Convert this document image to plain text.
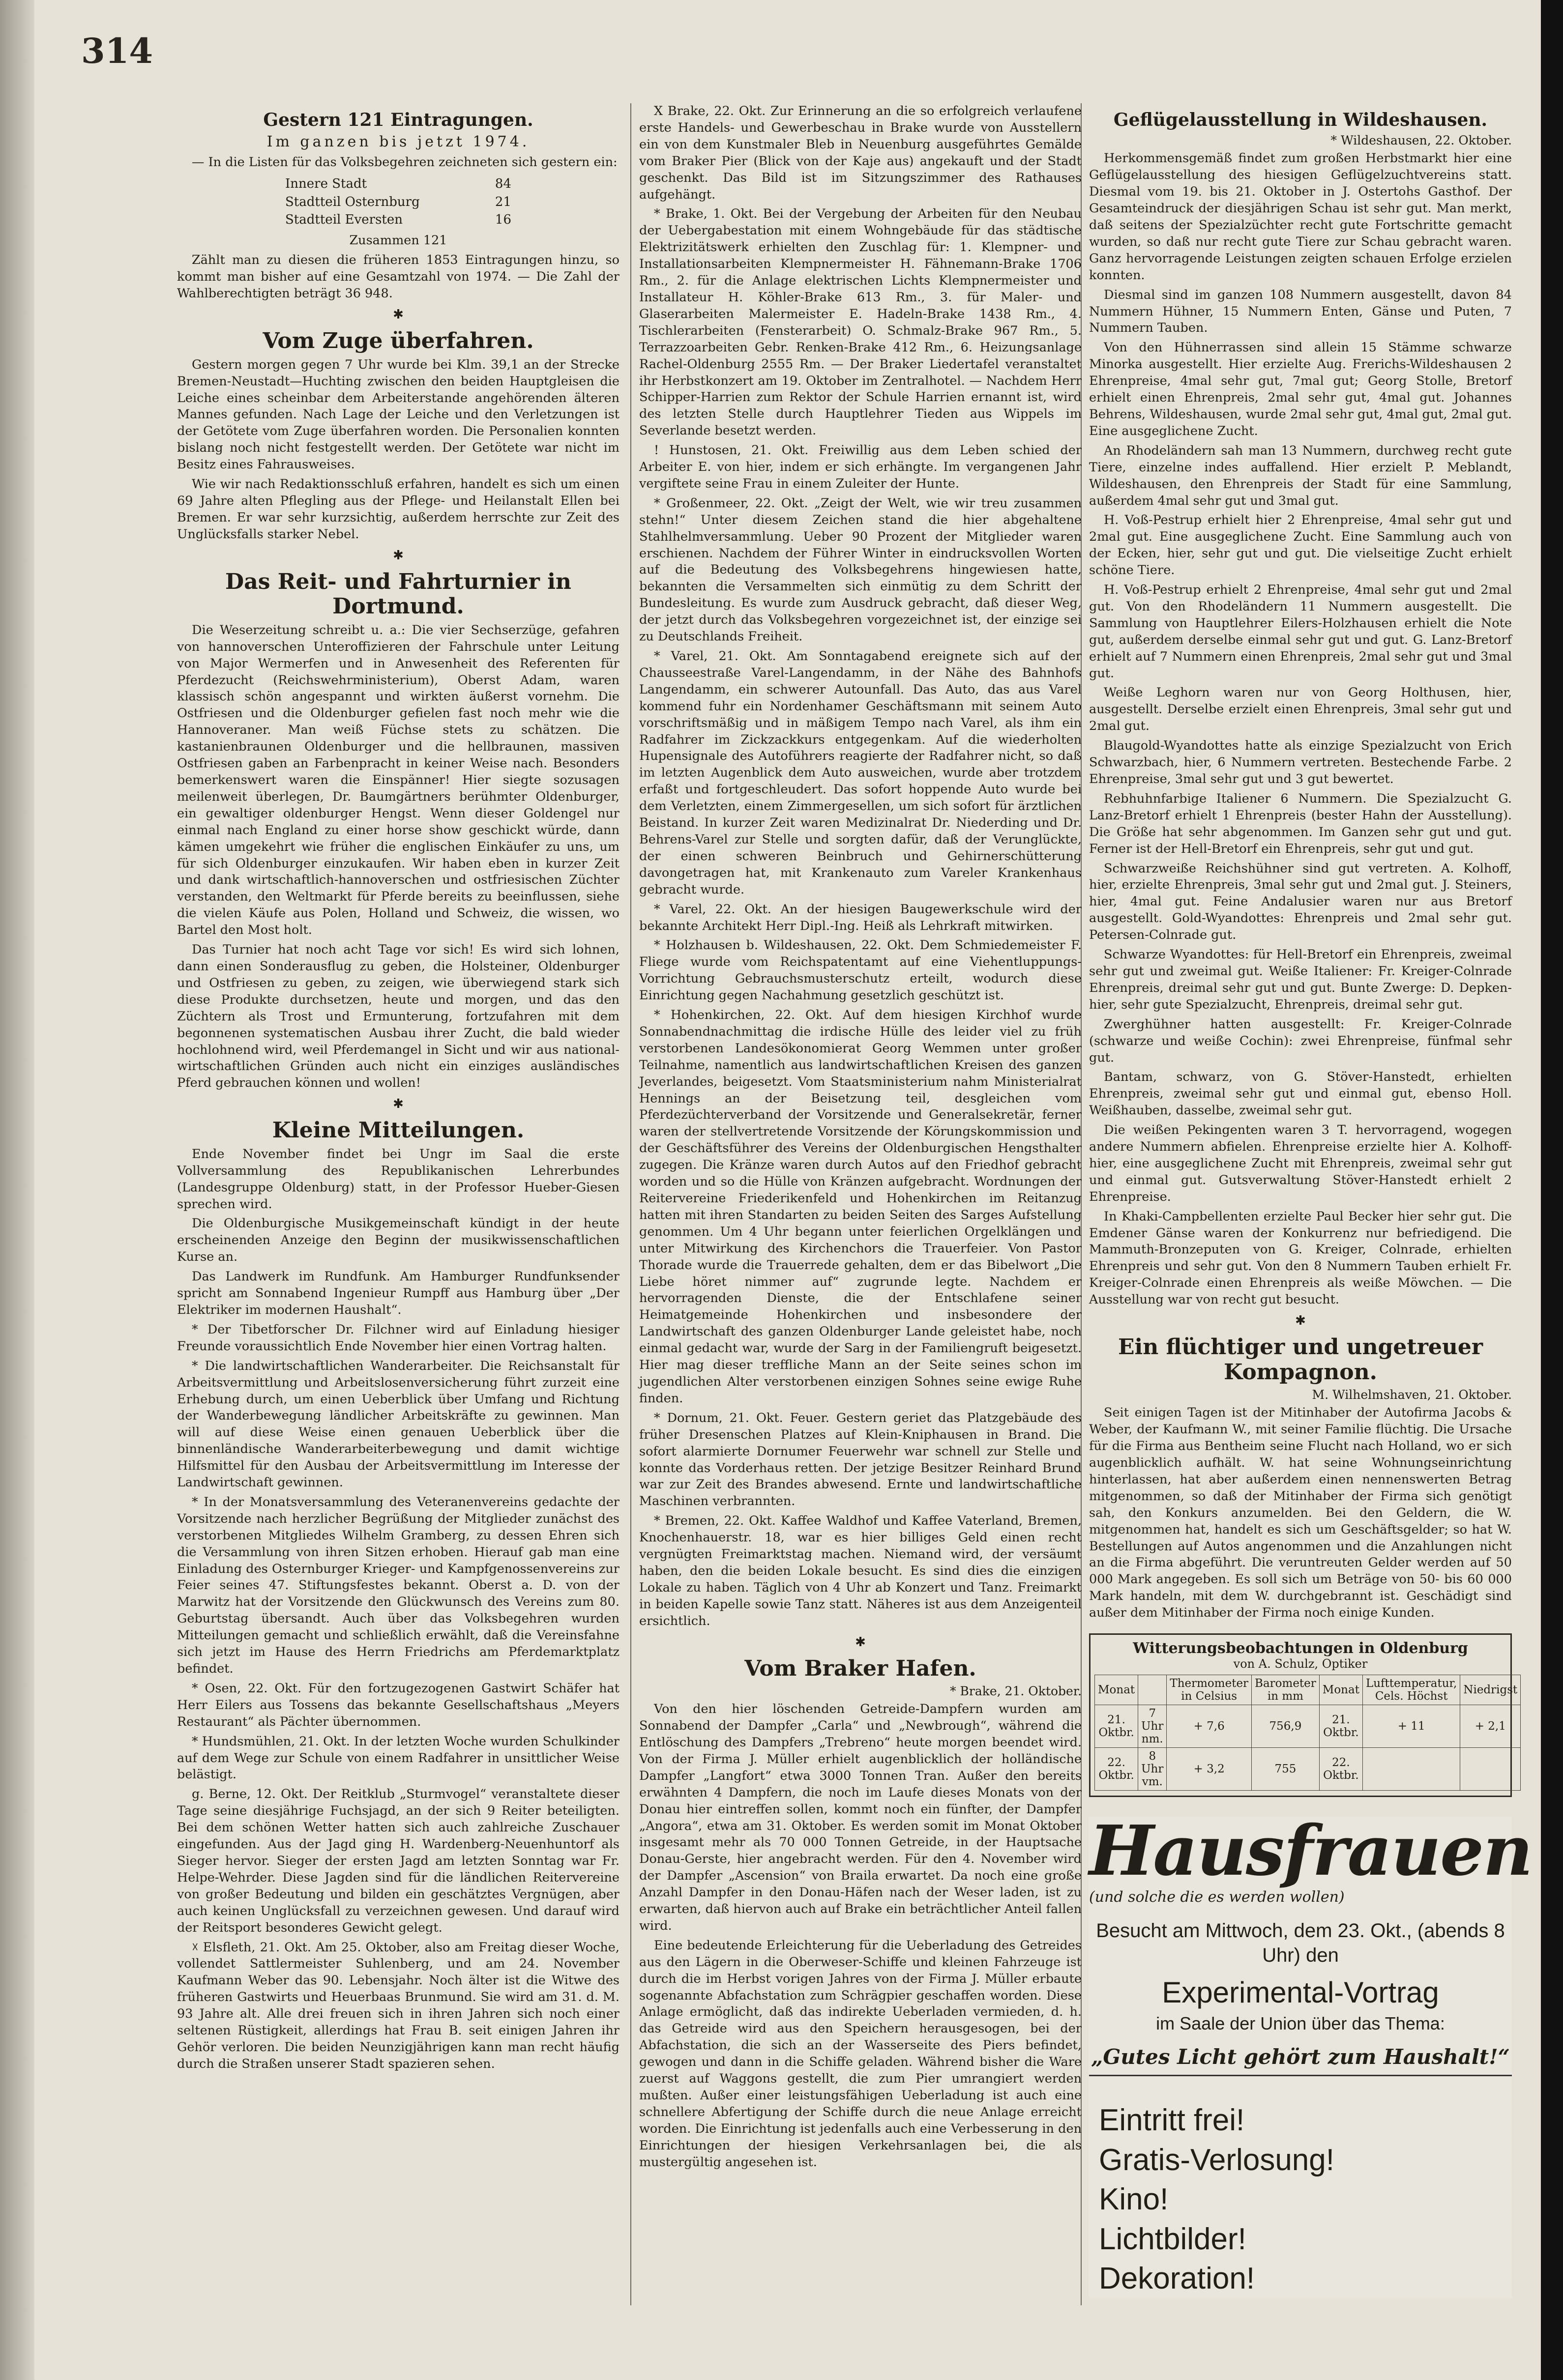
314
Gestern 121 Eintragungen.
Im ganzen bis jetzt 1974.

— In die Listen für das Volksbegehren zeichneten sich gestern ein:

Innere Stadt	84
Stadtteil Osternburg	21
Stadtteil Eversten	16

Zusammen 121

Zählt man zu diesen die früheren 1853 Eintragungen hinzu, so kommt man bisher auf eine Gesamtzahl von 1974. — Die Zahl der Wahlberechtigten beträgt 36 948.

✱
Vom Zuge überfahren.

Gestern morgen gegen 7 Uhr wurde bei Klm. 39,1 an der Strecke Bremen-Neustadt—Huchting zwischen den beiden Hauptgleisen die Leiche eines scheinbar dem Arbeiterstande angehörenden älteren Mannes gefunden. Nach Lage der Leiche und den Verletzungen ist der Getötete vom Zuge überfahren worden. Die Personalien konnten bislang noch nicht festgestellt werden. Der Getötete war nicht im Besitz eines Fahrausweises.

Wie wir nach Redaktionsschluß erfahren, handelt es sich um einen 69 Jahre alten Pflegling aus der Pflege- und Heilanstalt Ellen bei Bremen. Er war sehr kurzsichtig, außerdem herrschte zur Zeit des Unglücksfalls starker Nebel.

✱
Das Reit- und Fahrturnier in Dortmund.

Die Weserzeitung schreibt u. a.: Die vier Sechserzüge, gefahren von hannoverschen Unteroffizieren der Fahrschule unter Leitung von Major Wermerfen und in Anwesenheit des Referenten für Pferdezucht (Reichswehrministerium), Oberst Adam, waren klassisch schön angespannt und wirkten äußerst vornehm. Die Ostfriesen und die Oldenburger gefielen fast noch mehr wie die Hannoveraner. Man weiß Füchse stets zu schätzen. Die kastanienbraunen Oldenburger und die hellbraunen, massiven Ostfriesen gaben an Farbenpracht in keiner Weise nach. Besonders bemerkenswert waren die Einspänner! Hier siegte sozusagen meilenweit überlegen, Dr. Baumgärtners berühmter Oldenburger, ein gewaltiger oldenburger Hengst. Wenn dieser Goldengel nur einmal nach England zu einer horse show geschickt würde, dann kämen umgekehrt wie früher die englischen Einkäufer zu uns, um für sich Oldenburger einzukaufen. Wir haben eben in kurzer Zeit und dank wirtschaftlich-hannoverschen und ostfriesischen Züchter verstanden, den Weltmarkt für Pferde bereits zu beeinflussen, siehe die vielen Käufe aus Polen, Holland und Schweiz, die wissen, wo Bartel den Most holt.

Das Turnier hat noch acht Tage vor sich! Es wird sich lohnen, dann einen Sonderausflug zu geben, die Holsteiner, Oldenburger und Ostfriesen zu geben, zu zeigen, wie überwiegend stark sich diese Produkte durchsetzen, heute und morgen, und das den Züchtern als Trost und Ermunterung, fortzufahren mit dem begonnenen systematischen Ausbau ihrer Zucht, die bald wieder hochlohnend wird, weil Pferdemangel in Sicht und wir aus national-wirtschaftlichen Gründen auch nicht ein einziges ausländisches Pferd gebrauchen können und wollen!

✱
Kleine Mitteilungen.

Ende November findet bei Ungr im Saal die erste Vollversammlung des Republikanischen Lehrerbundes (Landesgruppe Oldenburg) statt, in der Professor Hueber-Giesen sprechen wird.

Die Oldenburgische Musikgemeinschaft kündigt in der heute erscheinenden Anzeige den Beginn der musikwissenschaftlichen Kurse an.

Das Landwerk im Rundfunk. Am Hamburger Rundfunksender spricht am Sonnabend Ingenieur Rumpff aus Hamburg über „Der Elektriker im modernen Haushalt“.

* Der Tibetforscher Dr. Filchner wird auf Einladung hiesiger Freunde voraussichtlich Ende November hier einen Vortrag halten.

* Die landwirtschaftlichen Wanderarbeiter. Die Reichsanstalt für Arbeitsvermittlung und Arbeitslosenversicherung führt zurzeit eine Erhebung durch, um einen Ueberblick über Umfang und Richtung der Wanderbewegung ländlicher Arbeitskräfte zu gewinnen. Man will auf diese Weise einen genauen Ueberblick über die binnenländische Wanderarbeiterbewegung und damit wichtige Hilfsmittel für den Ausbau der Arbeitsvermittlung im Interesse der Landwirtschaft gewinnen.

* In der Monatsversammlung des Veteranenvereins gedachte der Vorsitzende nach herzlicher Begrüßung der Mitglieder zunächst des verstorbenen Mitgliedes Wilhelm Gramberg, zu dessen Ehren sich die Versammlung von ihren Sitzen erhoben. Hierauf gab man eine Einladung des Osternburger Krieger- und Kampfgenossenvereins zur Feier seines 47. Stiftungsfestes bekannt. Oberst a. D. von der Marwitz hat der Vorsitzende den Glückwunsch des Vereins zum 80. Geburtstag übersandt. Auch über das Volksbegehren wurden Mitteilungen gemacht und schließlich erwählt, daß die Vereinsfahne sich jetzt im Hause des Herrn Friedrichs am Pferdemarktplatz befindet.

* Osen, 22. Okt. Für den fortzugezogenen Gastwirt Schäfer hat Herr Eilers aus Tossens das bekannte Gesellschaftshaus „Meyers Restaurant“ als Pächter übernommen.

* Hundsmühlen, 21. Okt. In der letzten Woche wurden Schulkinder auf dem Wege zur Schule von einem Radfahrer in unsittlicher Weise belästigt.

g. Berne, 12. Okt. Der Reitklub „Sturmvogel“ veranstaltete dieser Tage seine diesjährige Fuchsjagd, an der sich 9 Reiter beteiligten. Bei dem schönen Wetter hatten sich auch zahlreiche Zuschauer eingefunden. Aus der Jagd ging H. Wardenberg-Neuenhuntorf als Sieger hervor. Sieger der ersten Jagd am letzten Sonntag war Fr. Helpe-Wehrder. Diese Jagden sind für die ländlichen Reitervereine von großer Bedeutung und bilden ein geschätztes Vergnügen, aber auch keinen Unglücksfall zu verzeichnen gewesen. Und darauf wird der Reitsport besonderes Gewicht gelegt.

☓ Elsfleth, 21. Okt. Am 25. Oktober, also am Freitag dieser Woche, vollendet Sattlermeister Suhlenberg, und am 24. November Kaufmann Weber das 90. Lebensjahr. Noch älter ist die Witwe des früheren Gastwirts und Heuerbaas Brunmund. Sie wird am 31. d. M. 93 Jahre alt. Alle drei freuen sich in ihren Jahren sich noch einer seltenen Rüstigkeit, allerdings hat Frau B. seit einigen Jahren ihr Gehör verloren. Die beiden Neunzigjährigen kann man recht häufig durch die Straßen unserer Stadt spazieren sehen.

X Brake, 22. Okt. Zur Erinnerung an die so erfolgreich verlaufene erste Handels- und Gewerbeschau in Brake wurde von Ausstellern ein von dem Kunstmaler Bleb in Neuenburg ausgeführtes Gemälde vom Braker Pier (Blick von der Kaje aus) angekauft und der Stadt geschenkt. Das Bild ist im Sitzungszimmer des Rathauses aufgehängt.

* Brake, 1. Okt. Bei der Vergebung der Arbeiten für den Neubau der Uebergabestation mit einem Wohngebäude für das städtische Elektrizitätswerk erhielten den Zuschlag für: 1. Klempner- und Installationsarbeiten Klempnermeister H. Fähnemann-Brake 1706 Rm., 2. für die Anlage elektrischen Lichts Klempnermeister und Installateur H. Köhler-Brake 613 Rm., 3. für Maler- und Glaserarbeiten Malermeister E. Hadeln-Brake 1438 Rm., 4. Tischlerarbeiten (Fensterarbeit) O. Schmalz-Brake 967 Rm., 5. Terrazzoarbeiten Gebr. Renken-Brake 412 Rm., 6. Heizungsanlage Rachel-Oldenburg 2555 Rm. — Der Braker Liedertafel veranstaltet ihr Herbstkonzert am 19. Oktober im Zentralhotel. — Nachdem Herr Schipper-Harrien zum Rektor der Schule Harrien ernannt ist, wird des letzten Stelle durch Hauptlehrer Tieden aus Wippels im Severlande besetzt werden.

! Hunstosen, 21. Okt. Freiwillig aus dem Leben schied der Arbeiter E. von hier, indem er sich erhängte. Im vergangenen Jahr vergiftete seine Frau in einem Zuleiter der Hunte.

* Großenmeer, 22. Okt. „Zeigt der Welt, wie wir treu zusammen stehn!“ Unter diesem Zeichen stand die hier abgehaltene Stahlhelmversammlung. Ueber 90 Prozent der Mitglieder waren erschienen. Nachdem der Führer Winter in eindrucksvollen Worten auf die Bedeutung des Volksbegehrens hingewiesen hatte, bekannten die Versammelten sich einmütig zu dem Schritt der Bundesleitung. Es wurde zum Ausdruck gebracht, daß dieser Weg, der jetzt durch das Volksbegehren vorgezeichnet ist, der einzige sei zu Deutschlands Freiheit.

* Varel, 21. Okt. Am Sonntagabend ereignete sich auf der Chausseestraße Varel-Langendamm, in der Nähe des Bahnhofs Langendamm, ein schwerer Autounfall. Das Auto, das aus Varel kommend fuhr ein Nordenhamer Geschäftsmann mit seinem Auto vorschriftsmäßig und in mäßigem Tempo nach Varel, als ihm ein Radfahrer im Zickzackkurs entgegenkam. Auf die wiederholten Hupensignale des Autoführers reagierte der Radfahrer nicht, so daß im letzten Augenblick dem Auto ausweichen, wurde aber trotzdem erfaßt und fortgeschleudert. Das sofort hoppende Auto wurde bei dem Verletzten, einem Zimmergesellen, um sich sofort für ärztlichen Beistand. In kurzer Zeit waren Medizinalrat Dr. Niederding und Dr. Behrens-Varel zur Stelle und sorgten dafür, daß der Verunglückte, der einen schweren Beinbruch und Gehirnerschütterung davongetragen hat, mit Krankenauto zum Vareler Krankenhaus gebracht wurde.

* Varel, 22. Okt. An der hiesigen Baugewerkschule wird der bekannte Architekt Herr Dipl.-Ing. Heiß als Lehrkraft mitwirken.

* Holzhausen b. Wildeshausen, 22. Okt. Dem Schmiedemeister F. Fliege wurde vom Reichspatentamt auf eine Viehentluppungs-Vorrichtung Gebrauchsmusterschutz erteilt, wodurch diese Einrichtung gegen Nachahmung gesetzlich geschützt ist.

* Hohenkirchen, 22. Okt. Auf dem hiesigen Kirchhof wurde Sonnabendnachmittag die irdische Hülle des leider viel zu früh verstorbenen Landesökonomierat Georg Wemmen unter großer Teilnahme, namentlich aus landwirtschaftlichen Kreisen des ganzen Jeverlandes, beigesetzt. Vom Staatsministerium nahm Ministerialrat Hennings an der Beisetzung teil, desgleichen vom Pferdezüchterverband der Vorsitzende und Generalsekretär, ferner waren der stellvertretende Vorsitzende der Körungskommission und der Geschäftsführer des Vereins der Oldenburgischen Hengsthalter zugegen. Die Kränze waren durch Autos auf den Friedhof gebracht worden und so die Hülle von Kränzen aufgebracht. Wordnungen der Reitervereine Friederikenfeld und Hohenkirchen im Reitanzug hatten mit ihren Standarten zu beiden Seiten des Sarges Aufstellung genommen. Um 4 Uhr begann unter feierlichen Orgelklängen und unter Mitwirkung des Kirchenchors die Trauerfeier. Von Pastor Thorade wurde die Trauerrede gehalten, dem er das Bibelwort „Die Liebe höret nimmer auf“ zugrunde legte. Nachdem er hervorragenden Dienste, die der Entschlafene seiner Heimatgemeinde Hohenkirchen und insbesondere der Landwirtschaft des ganzen Oldenburger Lande geleistet habe, noch einmal gedacht war, wurde der Sarg in der Familiengruft beigesetzt. Hier mag dieser treffliche Mann an der Seite seines schon im jugendlichen Alter verstorbenen einzigen Sohnes seine ewige Ruhe finden.

* Dornum, 21. Okt. Feuer. Gestern geriet das Platzgebäude des früher Dresenschen Platzes auf Klein-Kniphausen in Brand. Die sofort alarmierte Dornumer Feuerwehr war schnell zur Stelle und konnte das Vorderhaus retten. Der jetzige Besitzer Reinhard Brund war zur Zeit des Brandes abwesend. Ernte und landwirtschaftliche Maschinen verbrannten.

* Bremen, 22. Okt. Kaffee Waldhof und Kaffee Vaterland, Bremen, Knochenhauerstr. 18, war es hier billiges Geld einen recht vergnügten Freimarktstag machen. Niemand wird, der versäumt haben, den die beiden Lokale besucht. Es sind dies die einzigen Lokale zu haben. Täglich von 4 Uhr ab Konzert und Tanz. Freimarkt in beiden Kapelle sowie Tanz statt. Näheres ist aus dem Anzeigenteil ersichtlich.

✱
Vom Braker Hafen.
* Brake, 21. Oktober.

Von den hier löschenden Getreide-Dampfern wurden am Sonnabend der Dampfer „Carla“ und „Newbrough“, während die Entlöschung des Dampfers „Trebreno“ heute morgen beendet wird. Von der Firma J. Müller erhielt augenblicklich der holländische Dampfer „Langfort“ etwa 3000 Tonnen Tran. Außer den bereits erwähnten 4 Dampfern, die noch im Laufe dieses Monats von der Donau hier eintreffen sollen, kommt noch ein fünfter, der Dampfer „Angora“, etwa am 31. Oktober. Es werden somit im Monat Oktober insgesamt mehr als 70 000 Tonnen Getreide, in der Hauptsache Donau-Gerste, hier angebracht werden. Für den 4. November wird der Dampfer „Ascension“ von Braila erwartet. Da noch eine große Anzahl Dampfer in den Donau-Häfen nach der Weser laden, ist zu erwarten, daß hiervon auch auf Brake ein beträchtlicher Anteil fallen wird.

Eine bedeutende Erleichterung für die Ueberladung des Getreides aus den Lägern in die Oberweser-Schiffe und kleinen Fahrzeuge ist durch die im Herbst vorigen Jahres von der Firma J. Müller erbaute sogenannte Abfachstation zum Schrägpier geschaffen worden. Diese Anlage ermöglicht, daß das indirekte Ueberladen vermieden, d. h. das Getreide wird aus den Speichern herausgesogen, bei der Abfachstation, die sich an der Wasserseite des Piers befindet, gewogen und dann in die Schiffe geladen. Während bisher die Ware zuerst auf Waggons gestellt, die zum Pier umrangiert werden mußten. Außer einer leistungsfähigen Ueberladung ist auch eine schnellere Abfertigung der Schiffe durch die neue Anlage erreicht worden. Die Einrichtung ist jedenfalls auch eine Verbesserung in den Einrichtungen der hiesigen Verkehrsanlagen bei, die als mustergültig angesehen ist.

Geflügelausstellung in Wildeshausen.
* Wildeshausen, 22. Oktober.

Herkommensgemäß findet zum großen Herbstmarkt hier eine Geflügelausstellung des hiesigen Geflügelzuchtvereins statt. Diesmal vom 19. bis 21. Oktober in J. Ostertohs Gasthof. Der Gesamteindruck der diesjährigen Schau ist sehr gut. Man merkt, daß seitens der Spezialzüchter recht gute Fortschritte gemacht wurden, so daß nur recht gute Tiere zur Schau gebracht waren. Ganz hervorragende Leistungen zeigten schauen Erfolge erzielen konnten.

Diesmal sind im ganzen 108 Nummern ausgestellt, davon 84 Nummern Hühner, 15 Nummern Enten, Gänse und Puten, 7 Nummern Tauben.

Von den Hühnerrassen sind allein 15 Stämme schwarze Minorka ausgestellt. Hier erzielte Aug. Frerichs-Wildeshausen 2 Ehrenpreise, 4mal sehr gut, 7mal gut; Georg Stolle, Bretorf erhielt einen Ehrenpreis, 2mal sehr gut, 4mal gut. Johannes Behrens, Wildeshausen, wurde 2mal sehr gut, 4mal gut, 2mal gut. Eine ausgeglichene Zucht.

An Rhodeländern sah man 13 Nummern, durchweg recht gute Tiere, einzelne indes auffallend. Hier erzielt P. Meblandt, Wildeshausen, den Ehrenpreis der Stadt für eine Sammlung, außerdem 4mal sehr gut und 3mal gut.

H. Voß-Pestrup erhielt hier 2 Ehrenpreise, 4mal sehr gut und 2mal gut. Eine ausgeglichene Zucht. Eine Sammlung auch von der Ecken, hier, sehr gut und gut. Die vielseitige Zucht erhielt schöne Tiere.

H. Voß-Pestrup erhielt 2 Ehrenpreise, 4mal sehr gut und 2mal gut. Von den Rhodeländern 11 Nummern ausgestellt. Die Sammlung von Hauptlehrer Eilers-Holzhausen erhielt die Note gut, außerdem derselbe einmal sehr gut und gut. G. Lanz-Bretorf erhielt auf 7 Nummern einen Ehrenpreis, 2mal sehr gut und 3mal gut.

Weiße Leghorn waren nur von Georg Holthusen, hier, ausgestellt. Derselbe erzielt einen Ehrenpreis, 3mal sehr gut und 2mal gut.

Blaugold-Wyandottes hatte als einzige Spezialzucht von Erich Schwarzbach, hier, 6 Nummern vertreten. Bestechende Farbe. 2 Ehrenpreise, 3mal sehr gut und 3 gut bewertet.

Rebhuhnfarbige Italiener 6 Nummern. Die Spezialzucht G. Lanz-Bretorf erhielt 1 Ehrenpreis (bester Hahn der Ausstellung). Die Größe hat sehr abgenommen. Im Ganzen sehr gut und gut. Ferner ist der Hell-Bretorf ein Ehrenpreis, sehr gut und gut.

Schwarzweiße Reichshühner sind gut vertreten. A. Kolhoff, hier, erzielte Ehrenpreis, 3mal sehr gut und 2mal gut. J. Steiners, hier, 4mal gut. Feine Andalusier waren nur aus Bretorf ausgestellt. Gold-Wyandottes: Ehrenpreis und 2mal sehr gut. Petersen-Colnrade gut.

Schwarze Wyandottes: für Hell-Bretorf ein Ehrenpreis, zweimal sehr gut und zweimal gut. Weiße Italiener: Fr. Kreiger-Colnrade Ehrenpreis, dreimal sehr gut und gut. Bunte Zwerge: D. Depken-hier, sehr gute Spezialzucht, Ehrenpreis, dreimal sehr gut.

Zwerghühner hatten ausgestellt: Fr. Kreiger-Colnrade (schwarze und weiße Cochin): zwei Ehrenpreise, fünfmal sehr gut.

Bantam, schwarz, von G. Stöver-Hanstedt, erhielten Ehrenpreis, zweimal sehr gut und einmal gut, ebenso Holl. Weißhauben, dasselbe, zweimal sehr gut.

Die weißen Pekingenten waren 3 T. hervorragend, wogegen andere Nummern abfielen. Ehrenpreise erzielte hier A. Kolhoff-hier, eine ausgeglichene Zucht mit Ehrenpreis, zweimal sehr gut und einmal gut. Gutsverwaltung Stöver-Hanstedt erhielt 2 Ehrenpreise.

In Khaki-Campbellenten erzielte Paul Becker hier sehr gut. Die Emdener Gänse waren der Konkurrenz nur befriedigend. Die Mammuth-Bronzeputen von G. Kreiger, Colnrade, erhielten Ehrenpreis und sehr gut. Von den 8 Nummern Tauben erhielt Fr. Kreiger-Colnrade einen Ehrenpreis als weiße Möwchen. — Die Ausstellung war von recht gut besucht.

✱
Ein flüchtiger und ungetreuer Kompagnon.
M. Wilhelmshaven, 21. Oktober.

Seit einigen Tagen ist der Mitinhaber der Autofirma Jacobs & Weber, der Kaufmann W., mit seiner Familie flüchtig. Die Ursache für die Firma aus Bentheim seine Flucht nach Holland, wo er sich augenblicklich aufhält. W. hat seine Wohnungseinrichtung hinterlassen, hat aber außerdem einen nennenswerten Betrag mitgenommen, so daß der Mitinhaber der Firma sich genötigt sah, den Konkurs anzumelden. Bei den Geldern, die W. mitgenommen hat, handelt es sich um Geschäftsgelder; so hat W. Bestellungen auf Autos angenommen und die Anzahlungen nicht an die Firma abgeführt. Die veruntreuten Gelder werden auf 50 000 Mark angegeben. Es soll sich um Beträge von 50- bis 60 000 Mark handeln, mit dem W. durchgebrannt ist. Geschädigt sind außer dem Mitinhaber der Firma noch einige Kunden.

Witterungsbeobachtungen in Oldenburg
von A. Schulz, Optiker
Monat		Thermometer in Celsius	Barometer in mm	Monat	Lufttemperatur, Cels. Höchst	Niedrigst
21. Oktbr.	7 Uhr nm.	+ 7,6	756,9	21. Oktbr.	+ 11	+ 2,1
22. Oktbr.	8 Uhr vm.	+ 3,2	755	22. Oktbr.		
Hausfrauen
(und solche die es werden wollen)
Besucht am Mittwoch, dem 23. Okt., (abends 8 Uhr) den
Experimental-Vortrag
im Saale der Union über das Thema:
„Gutes Licht gehört zum Haushalt!“
Eintritt frei!
Gratis-Verlosung!
Kino!
Lichtbilder!
Dekoration!
